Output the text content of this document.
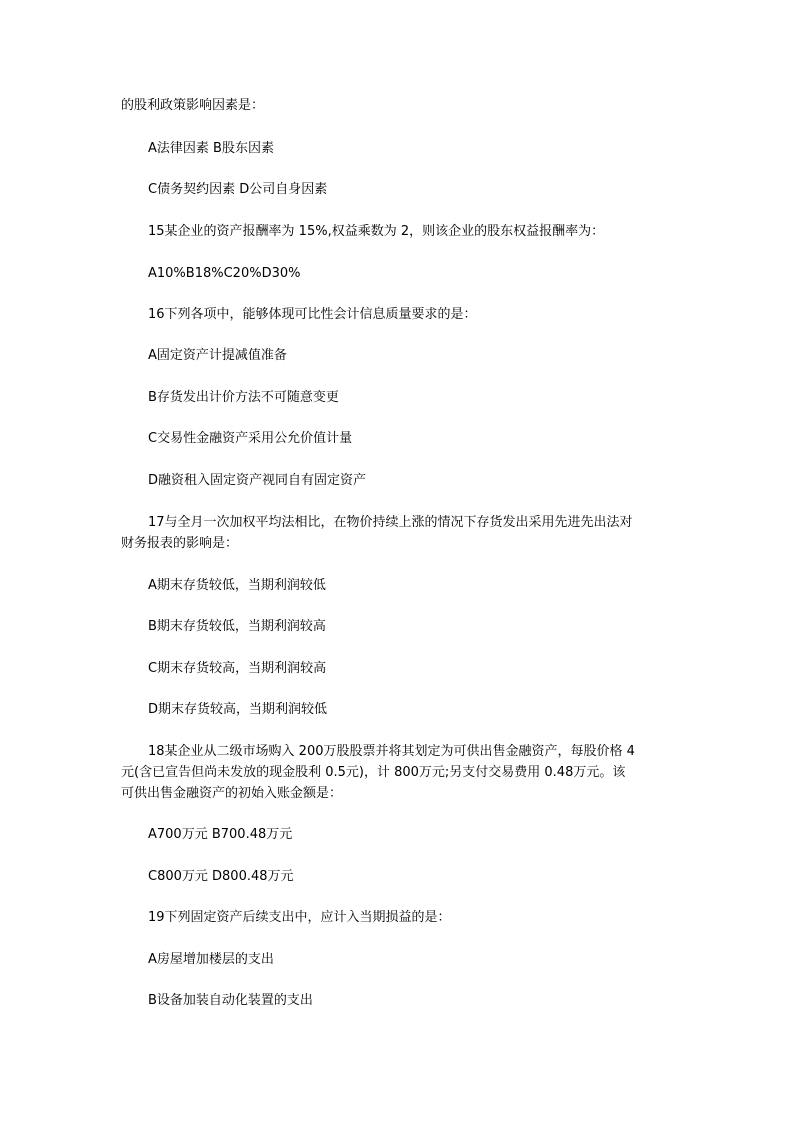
的股利政策影响因素是：
A法律因素 B股东因素
C债务契约因素 D公司自身因素
15某企业的资产报酬率为 15%,权益乘数为 2，则该企业的股东权益报酬率为：
A10%B18%C20%D30%
16下列各项中，能够体现可比性会计信息质量要求的是：
A固定资产计提减值准备
B存货发出计价方法不可随意变更
C交易性金融资产采用公允价值计量
D融资租入固定资产视同自有固定资产
17与全月一次加权平均法相比，在物价持续上涨的情况下存货发出采用先进先出法对
财务报表的影响是：
A期末存货较低，当期利润较低
B期末存货较低，当期利润较高
C期末存货较高，当期利润较高
D期末存货较高，当期利润较低
18某企业从二级市场购入 200万股股票并将其划定为可供出售金融资产，每股价格 4
元(含已宣告但尚未发放的现金股利 0.5元)，计 800万元;另支付交易费用 0.48万元。该
可供出售金融资产的初始入账金额是：
A700万元 B700.48万元
C800万元 D800.48万元
19下列固定资产后续支出中，应计入当期损益的是：
A房屋增加楼层的支出
B设备加装自动化装置的支出
